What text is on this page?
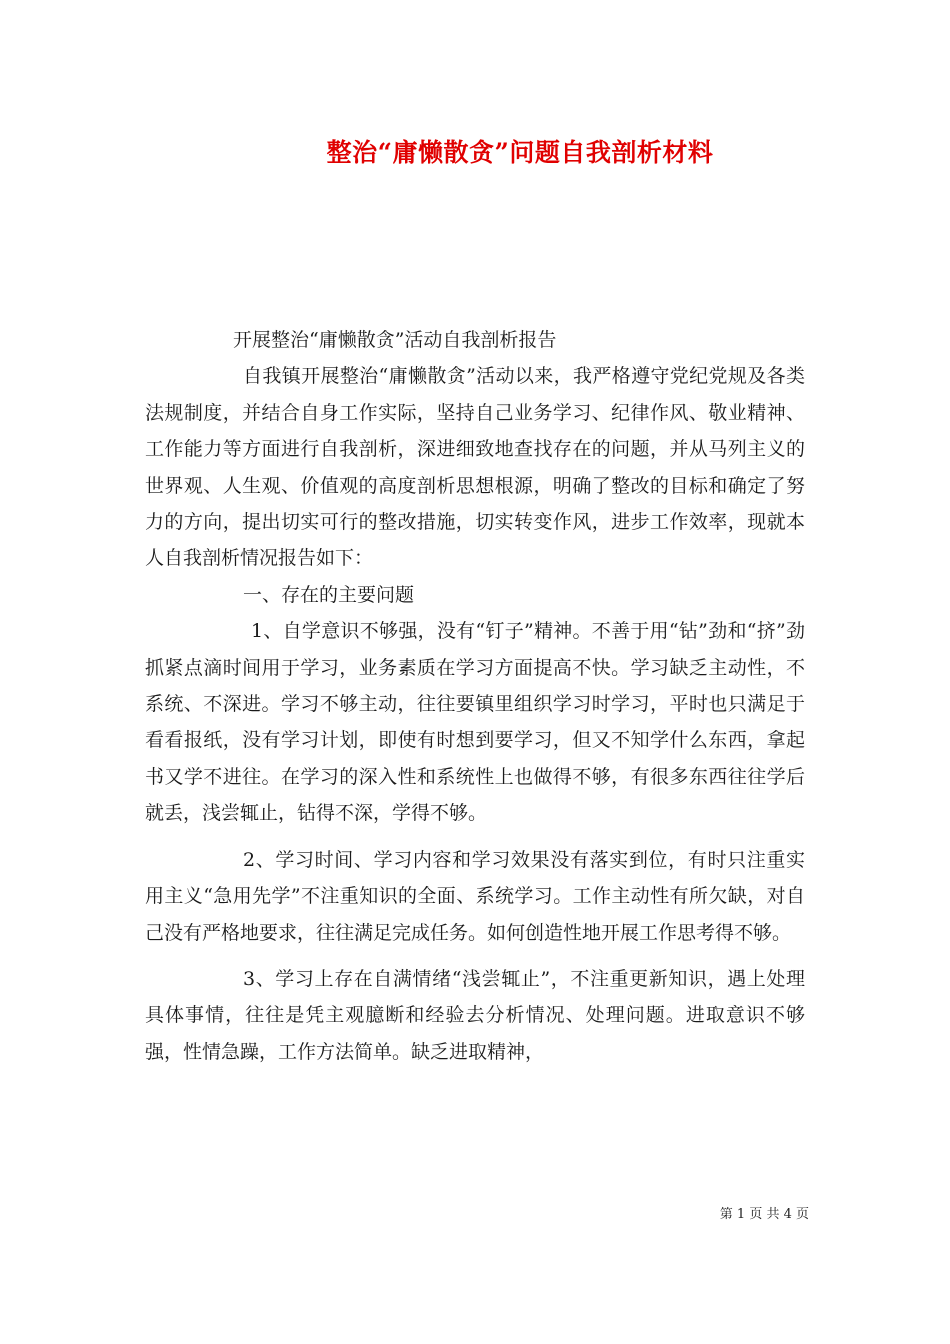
整治“庸懒散贪”问题自我剖析材料

开展整治“庸懒散贪”活动自我剖析报告

自我镇开展整治“庸懒散贪”活动以来，我严格遵守党纪党规及各类法规制度，并结合自身工作实际，坚持自己业务学习、纪律作风、敬业精神、工作能力等方面进行自我剖析，深进细致地查找存在的问题，并从马列主义的世界观、人生观、价值观的高度剖析思想根源，明确了整改的目标和确定了努力的方向，提出切实可行的整改措施，切实转变作风，进步工作效率，现就本人自我剖析情况报告如下：

一、存在的主要问题

1、自学意识不够强，没有“钉子”精神。不善于用“钻”劲和“挤”劲抓紧点滴时间用于学习，业务素质在学习方面提高不快。学习缺乏主动性，不系统、不深进。学习不够主动，往往要镇里组织学习时学习，平时也只满足于看看报纸，没有学习计划，即使有时想到要学习，但又不知学什么东西，拿起书又学不进往。在学习的深入性和系统性上也做得不够，有很多东西往往学后就丢，浅尝辄止，钻得不深，学得不够。

2、学习时间、学习内容和学习效果没有落实到位，有时只注重实用主义“急用先学”不注重知识的全面、系统学习。工作主动性有所欠缺，对自己没有严格地要求，往往满足完成任务。如何创造性地开展工作思考得不够。

3、学习上存在自满情绪“浅尝辄止”，不注重更新知识，遇上处理具体事情，往往是凭主观臆断和经验去分析情况、处理问题。进取意识不够强，性情急躁，工作方法简单。缺乏进取精神，

第 1 页 共 4 页
